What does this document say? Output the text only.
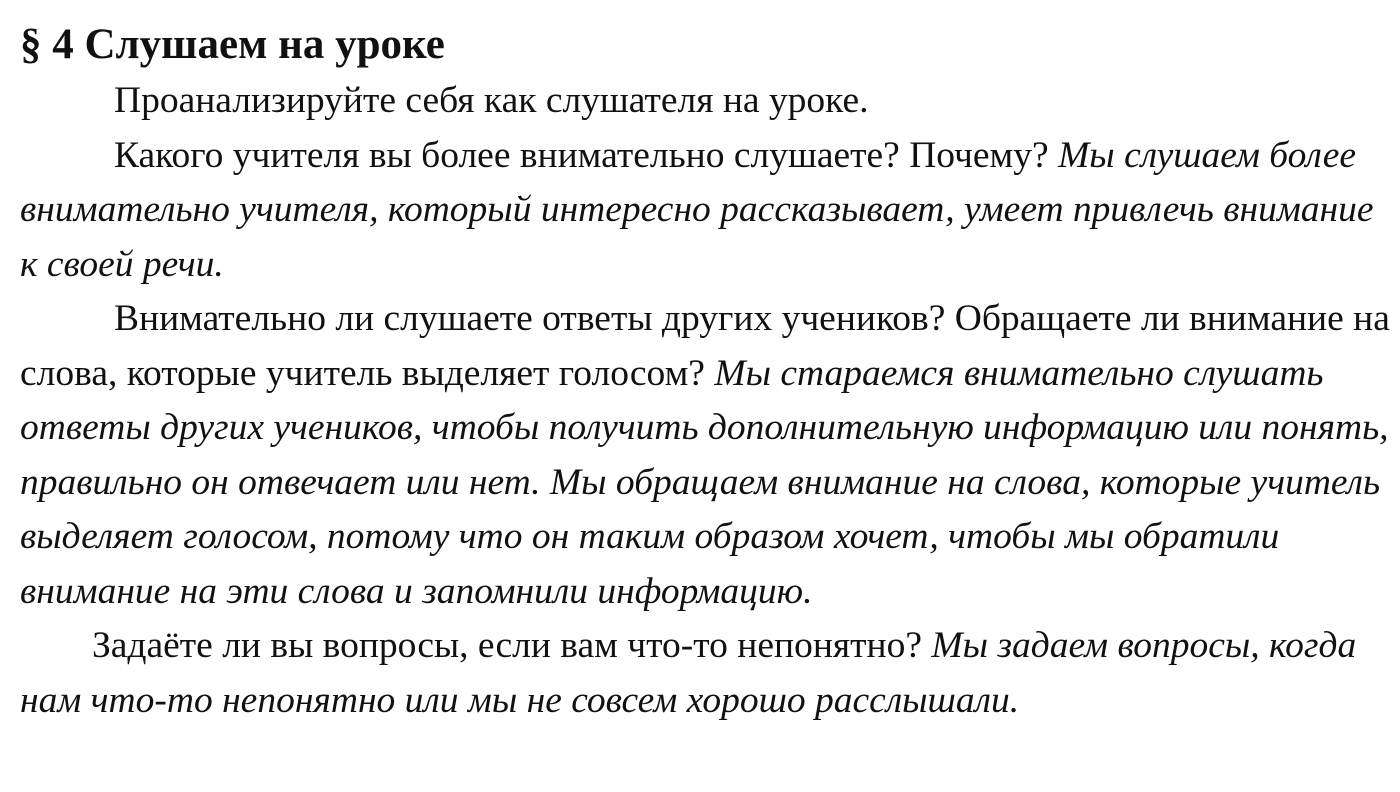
§ 4 Слушаем на уроке

Проанализируйте себя как слушателя на уроке.

Какого учителя вы более внимательно слушаете? Почему? Мы слушаем более внимательно учителя, который интересно рассказывает, умеет привлечь внимание к своей речи.

Внимательно ли слушаете ответы других учеников? Обращаете ли внимание на слова, которые учитель выделяет голосом? Мы стараемся внимательно слушать ответы других учеников, чтобы получить дополнительную информацию или понять, правильно он отвечает или нет. Мы обращаем внимание на слова, которые учитель выделяет голосом, потому что он таким образом хочет, чтобы мы обратили внимание на эти слова и запомнили информацию.

Задаёте ли вы вопросы, если вам что-то непонятно? Мы задаем вопросы, когда нам что-то непонятно или мы не совсем хорошо расслышали.
